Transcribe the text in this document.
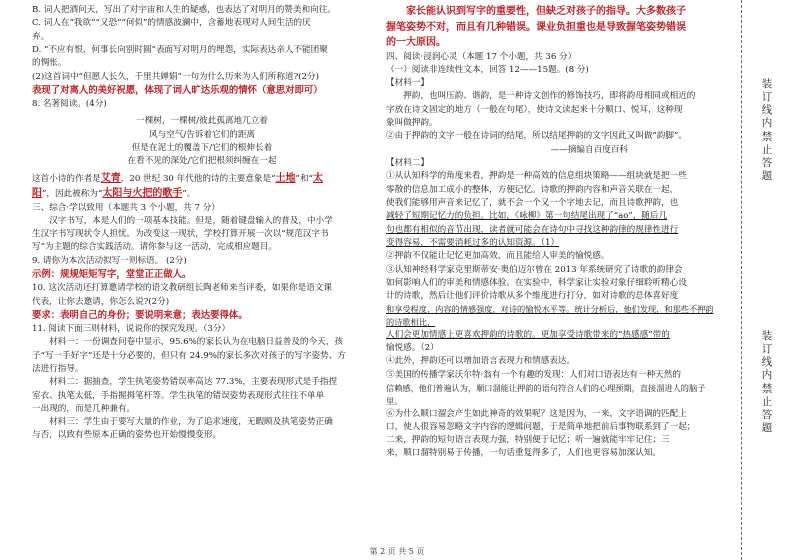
B. 词人把酒问天，写出了对宇宙和人生的疑惑，也表达了对明月的赞美和向往。

C. 词人在“我欲”“又恐”“何似”的情感波澜中，含蓄地表现对人间生活的厌

弃。

D. “不应有恨，何事长向别时圆”表面写对明月的埋怨，实际表达亲人不能团聚

的惆怅。

(2)这首词中“但愿人长久，千里共婵娟”一句为什么历来为人们所称道?(2分)

表现了对离人的美好祝愿，体现了词人旷达乐观的情怀（意思对即可）

8. 名著阅读。(4分)

一棵树，一棵树/彼此孤离地兀立着

风与空气/告诉着它们的距离

但是在泥土的覆盖下/它们的根伸长着

在看不见的深处/它们把根须纠缠在一起

这首小诗的作者是艾青，20 世纪 30 年代他的诗的主要意象是“土地”和“太

阳”，因此被称为“太阳与火把的歌手”。

三、综合·学以致用（本题共 3 个小题，共 7 分）

汉字书写，本是人们的一项基本技能。但是，随着键盘输入的普及，中小学

生汉字书写现状令人担忧。为改变这一现状，学校打算开展一次以“规范汉字书

写”为主题的综合实践活动。请你参与这一活动，完成相应题目。

9. 请你为本次活动拟写一则标语。 (2分)

示例：规规矩矩写字，堂堂正正做人。

10. 这次活动还打算邀请学校的语文教研组长陶老师来当评委，如果你是语文课

代表，让你去邀请，你怎么说?(2分)

要求：表明自己的身份；要说明来意；表达要得体。

11. 阅读下面三则材料，说说你的探究发现。（3分）

材料一：一份调查问卷中显示，95.6%的家长认为在电脑日益普及的今天，孩

子“写一手好字”还是十分必要的，但只有 24.9%的家长多次对孩子的写字姿势、方

法进行指导。

材料二：据抽查，学生执笔姿势错误率高达 77.3%，主要表现形式是手指捏

室衣、执笔太低，手指握拇笔杆等。学生执笔的错误姿势表现形式往往不单单

一出现的，而是几种兼有。

材料三：学生由于要写大量的作业，为了追求速度，无暇顾及执笔姿势正确

与否，以致有些原本正确的姿势也开始慢慢变形。

家长能认识到写字的重要性，但缺乏对孩子的指导。大多数孩子

握笔姿势不对，而且有几种错误。课业负担重也是导致握笔姿势错误

的一大原因。

四、阅读·浸润心灵（本题 17 个小题，共 36 分）

（一）阅读非连续性文本，回答 12——15题。(8 分)

【材料一】

押韵，也叫压韵、谐韵，是一种诗文创作的修饰技巧，即将韵母相同或相近的

字放在诗文固定的地方（一般在句尾），使诗文读起来十分顺口、悦耳，这种现

象叫做押韵。

②由于押韵的文字一般在诗词的结尾，所以结尾押韵的文字因此又叫做“韵脚”。

——摘编自百度百科

【材料二】

①从认知科学的角度来看，押韵是一种高效的信息组块策略——组块就是把一些

零散的信息加工成小的整体，方便记忆。诗歌的押韵内容和声音关联在一起，

使我们能够用声音来记忆了，就不会一个又一个字地去记，而且诗歌押韵，也

减轻了短期记忆力的负担。比如，《咏柳》第一句结尾出现了“ao”，随后几

句也都有相似的音节出现，读者就可能会在诗句中寻找这种韵律的规律性进行

变得容易，不需要消耗过多的认知资源。（1）

②押韵不仅能让记忆更加高效，而且能给人审美的愉悦感。

③认知神经科学家克里斯蒂安·奥伯迈尔曾在 2013 年系统研究了诗歌的韵律会

如何影响人们的审美和情感体验。在实验中，科学家让实验对象仔细聆听精心设

计的诗歌，然后让他们评价诗歌从多个维度进行打分，如对诗歌的总体喜好度

和享受程度，内容的情感强度，对诗的愉悦水平等。统计分析后，他们发现，和那些不押韵的诗歌相比，

人们会更加情感上更喜欢押韵的诗歌的。更加享受诗歌带来的“热感感”带的

愉悦感。（2）

④此外，押韵还可以增加语言表现力和情感表达。

⑤美国的传播学家沃尔特·翁有一个有趣的发现：人们对口语表达有一种天然的

信赖感，他们普遍认为，顺口溜能让押韵的语句符合人们的心理预期，直接溜进人的脑子里。

⑥为什么顺口溜会产生如此神奇的效果呢？这是因为，一来，文字语调的匹配上

口，使人很容易忽略文字内容的逻辑问题，于是简单地把前后事物联系到了一起；

二来，押韵的短句语言表现力强，特别便于记忆；听一遍就能牢牢记住；三

来，顺口溜特别易于传播，一句话重复得多了，人们也更容易加深认知。

装订线内禁止答题
装订线内禁止答题
第 2 页 共 5 页
